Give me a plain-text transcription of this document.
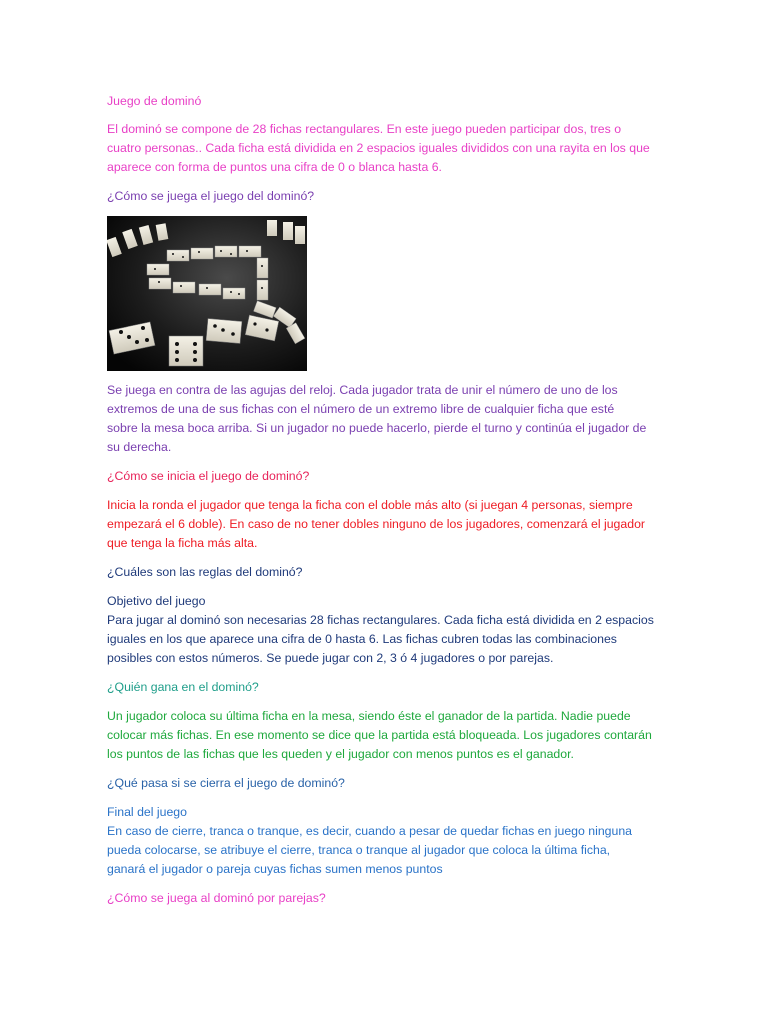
Juego de dominó

El dominó se compone de 28 fichas rectangulares. En este juego pueden participar dos, tres o
cuatro personas.. Cada ficha está dividida en 2 espacios iguales divididos con una rayita en los que
aparece con forma de puntos una cifra de 0 o blanca hasta 6.

¿Cómo se juega el juego del dominó?

Se juega en contra de las agujas del reloj. Cada jugador trata de unir el número de uno de los
extremos de una de sus fichas con el número de un extremo libre de cualquier ficha que esté
sobre la mesa boca arriba. Si un jugador no puede hacerlo, pierde el turno y continúa el jugador de
su derecha.

¿Cómo se inicia el juego de dominó?

Inicia la ronda el jugador que tenga la ficha con el doble más alto (si juegan 4 personas, siempre
empezará el 6 doble). En caso de no tener dobles ninguno de los jugadores, comenzará el jugador
que tenga la ficha más alta.

¿Cuáles son las reglas del dominó?

Objetivo del juego
Para jugar al dominó son necesarias 28 fichas rectangulares. Cada ficha está dividida en 2 espacios
iguales en los que aparece una cifra de 0 hasta 6. Las fichas cubren todas las combinaciones
posibles con estos números. Se puede jugar con 2, 3 ó 4 jugadores o por parejas.

¿Quién gana en el dominó?

Un jugador coloca su última ficha en la mesa, siendo éste el ganador de la partida. Nadie puede
colocar más fichas. En ese momento se dice que la partida está bloqueada. Los jugadores contarán
los puntos de las fichas que les queden y el jugador con menos puntos es el ganador.

¿Qué pasa si se cierra el juego de dominó?

Final del juego
En caso de cierre, tranca o tranque, es decir, cuando a pesar de quedar fichas en juego ninguna
pueda colocarse, se atribuye el cierre, tranca o tranque al jugador que coloca la última ficha,
ganará el jugador o pareja cuyas fichas sumen menos puntos

¿Cómo se juega al dominó por parejas?
